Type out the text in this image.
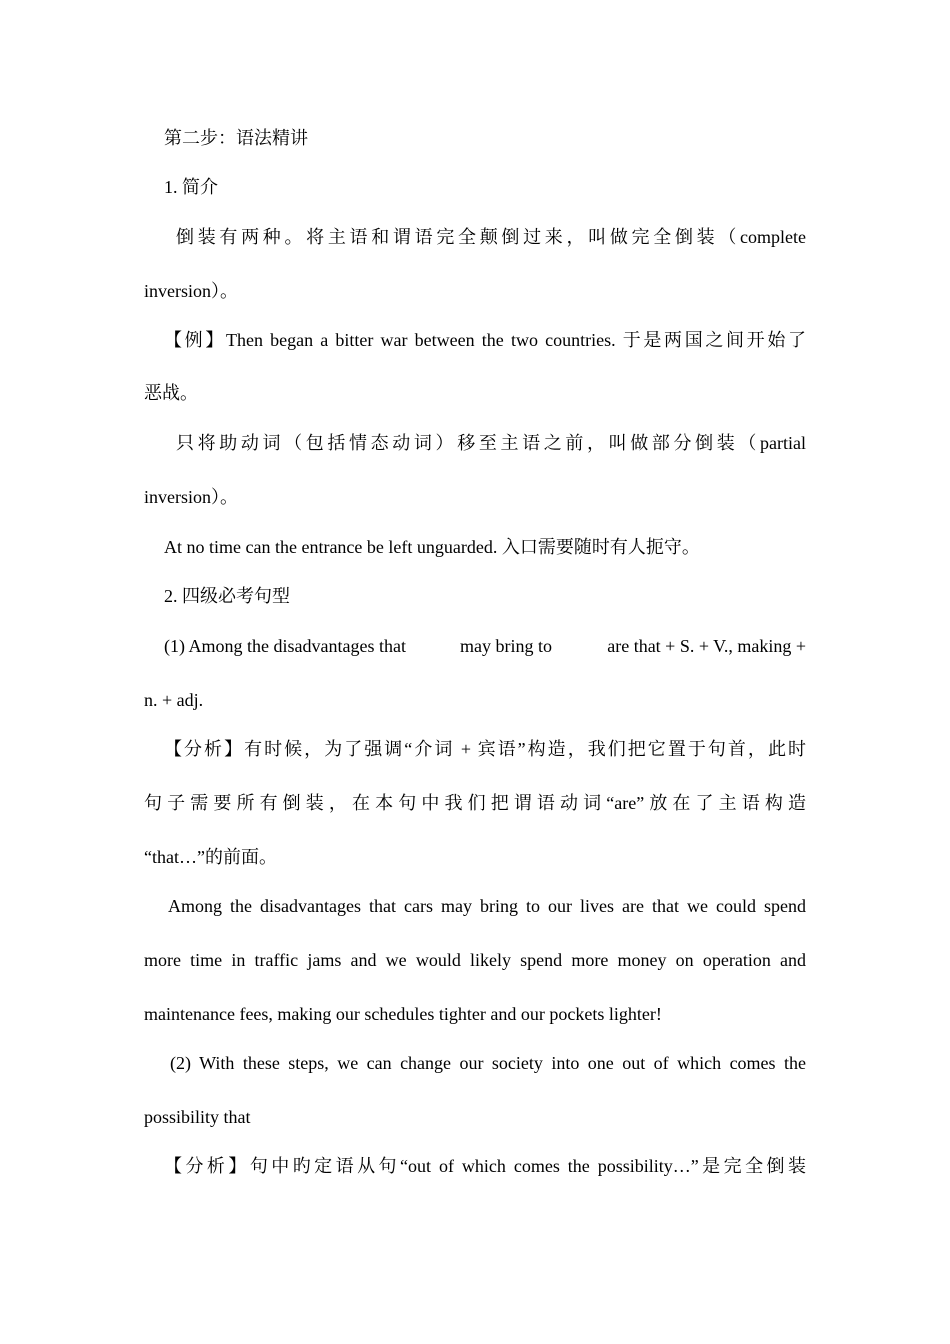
第二步：语法精讲
1. 简介
倒装有两种。将主语和谓语完全颠倒过来，叫做完全倒装（complete
inversion）。
【例】Then began a bitter war between the two countries. 于是两国之间开始了
恶战。
只将助动词（包括情态动词）移至主语之前，叫做部分倒装（partial
inversion）。
At no time can the entrance be left unguarded. 入口需要随时有人扼守。
2. 四级必考句型
(1) Among the disadvantages that	may bring to	are that + S. + V., making +
n. + adj.
【分析】有时候，为了强调“介词 + 宾语”构造，我们把它置于句首，此时
句子需要所有倒装，在本句中我们把谓语动词“are”放在了主语构造
“that…”的前面。
Among the disadvantages that cars may bring to our lives are that we could spend
more time in traffic jams and we would likely spend more money on operation and
maintenance fees, making our schedules tighter and our pockets lighter!
(2) With these steps, we can change our society into one out of which comes the
possibility that
【分析】句中旳定语从句“out of which comes the possibility…”是完全倒装
